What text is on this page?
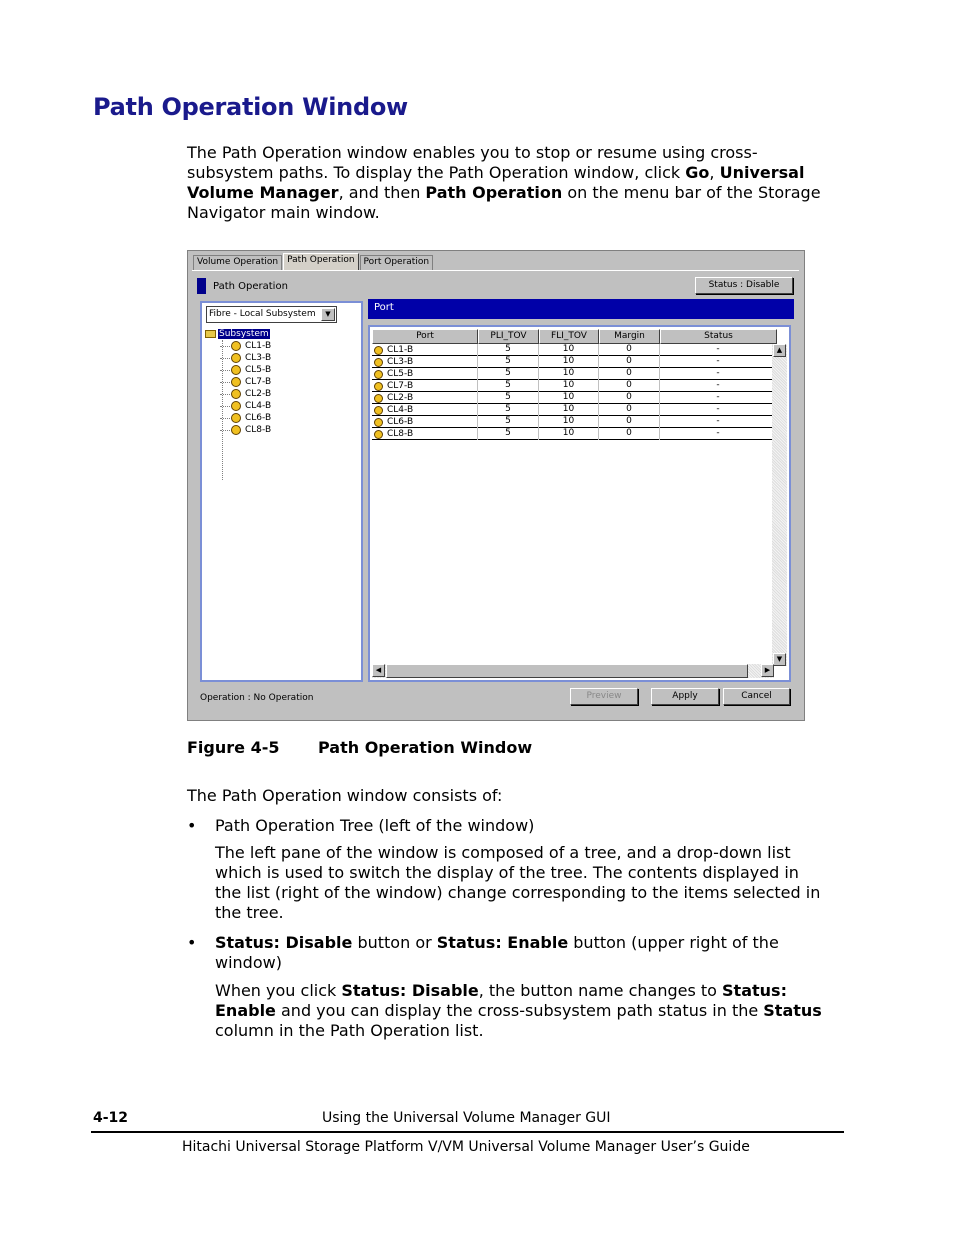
Path Operation Window
The Path Operation window enables you to stop or resume using cross-
subsystem paths. To display the Path Operation window, click Go, Universal
Volume Manager, and then Path Operation on the menu bar of the Storage
Navigator main window.
Volume Operation	Path Operation	Port Operation
Path Operation	Status : Disable
Fibre - Local Subsystem	▼
Subsystem
CL1-B
CL3-B
CL5-B
CL7-B
CL2-B
CL4-B
CL6-B
CL8-B
Port
Port	PLI_TOV	FLI_TOV	Margin	Status
CL1-B	5	10	0	-
CL3-B	5	10	0	-
CL5-B	5	10	0	-
CL7-B	5	10	0	-
CL2-B	5	10	0	-
CL4-B	5	10	0	-
CL6-B	5	10	0	-
CL8-B	5	10	0	-
▲
▼
◀	▶
Operation : No Operation	Preview	Apply	Cancel
Figure 4-5 Path Operation Window
The Path Operation window consists of:
• Path Operation Tree (left of the window)
The left pane of the window is composed of a tree, and a drop-down list
which is used to switch the display of the tree. The contents displayed in
the list (right of the window) change corresponding to the items selected in
the tree.
• Status: Disable button or Status: Enable button (upper right of the
window)
When you click Status: Disable, the button name changes to Status:
Enable and you can display the cross-subsystem path status in the Status
column in the Path Operation list.
4-12	Using the Universal Volume Manager GUI
Hitachi Universal Storage Platform V/VM Universal Volume Manager User’s Guide
